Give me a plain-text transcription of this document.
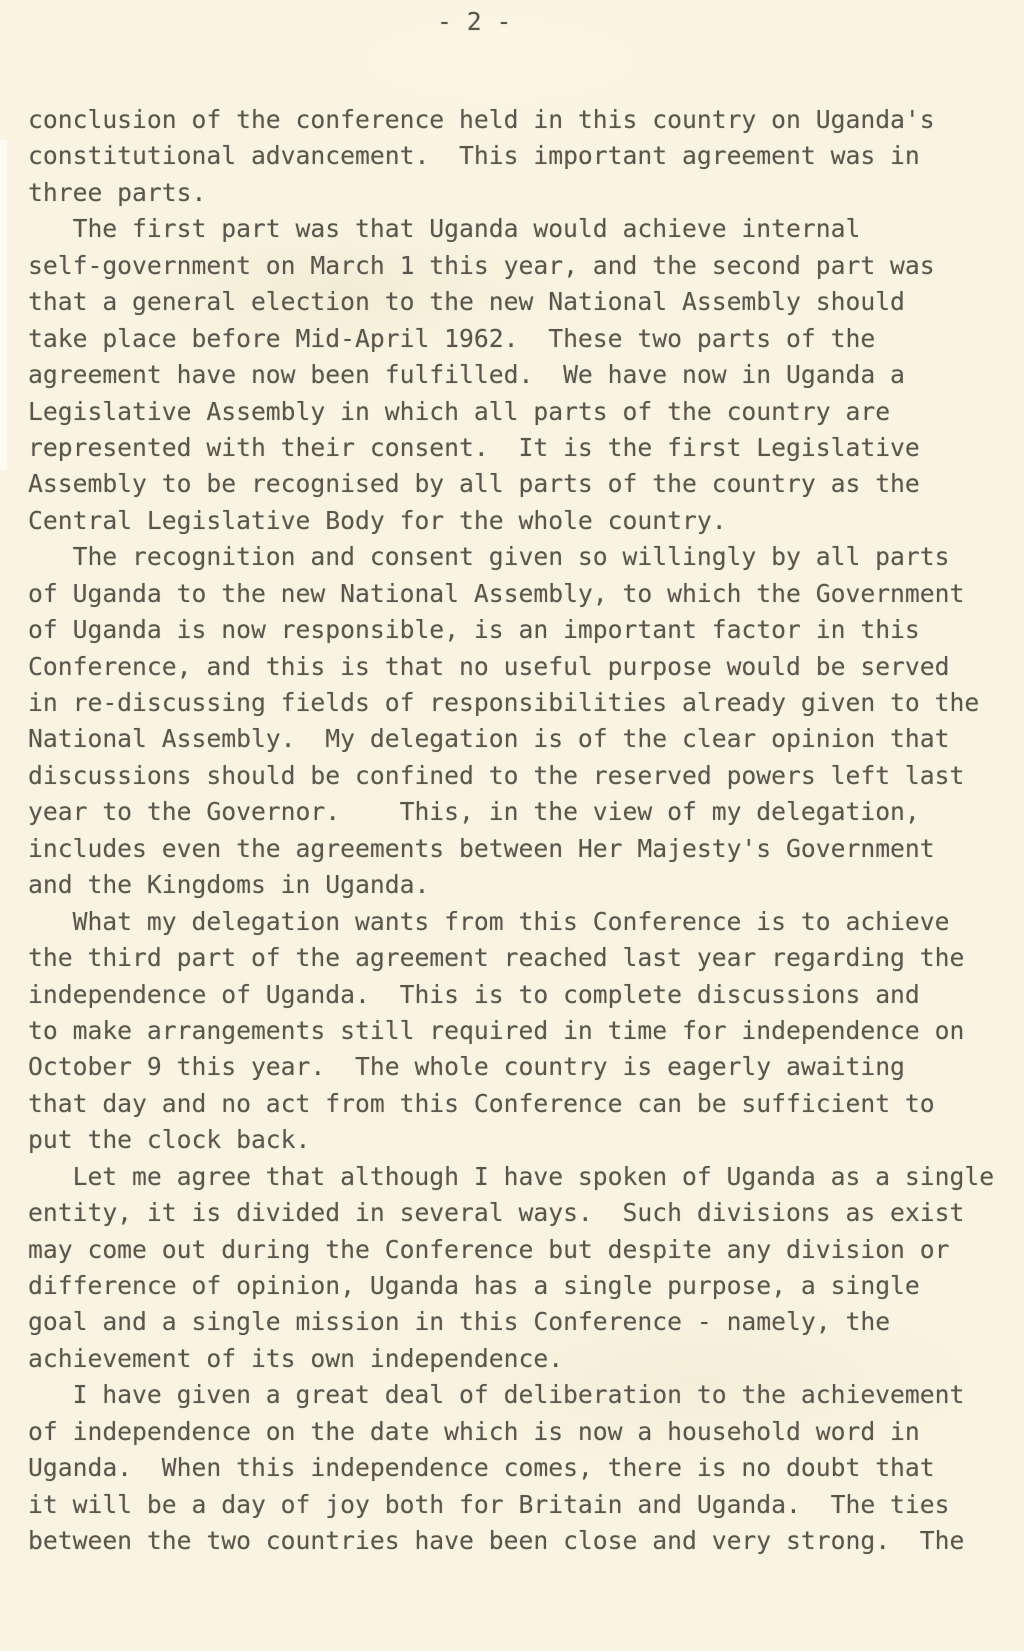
- 2 -
conclusion of the conference held in this country on Uganda's
constitutional advancement.  This important agreement was in
three parts.
The first part was that Uganda would achieve internal
self-government on March 1 this year, and the second part was
that a general election to the new National Assembly should
take place before Mid-April 1962.  These two parts of the
agreement have now been fulfilled.  We have now in Uganda a
Legislative Assembly in which all parts of the country are
represented with their consent.  It is the first Legislative
Assembly to be recognised by all parts of the country as the
Central Legislative Body for the whole country.
The recognition and consent given so willingly by all parts
of Uganda to the new National Assembly, to which the Government
of Uganda is now responsible, is an important factor in this
Conference, and this is that no useful purpose would be served
in re-discussing fields of responsibilities already given to the
National Assembly.  My delegation is of the clear opinion that
discussions should be confined to the reserved powers left last
year to the Governor.    This, in the view of my delegation,
includes even the agreements between Her Majesty's Government
and the Kingdoms in Uganda.
What my delegation wants from this Conference is to achieve
the third part of the agreement reached last year regarding the
independence of Uganda.  This is to complete discussions and
to make arrangements still required in time for independence on
October 9 this year.  The whole country is eagerly awaiting
that day and no act from this Conference can be sufficient to
put the clock back.
Let me agree that although I have spoken of Uganda as a single
entity, it is divided in several ways.  Such divisions as exist
may come out during the Conference but despite any division or
difference of opinion, Uganda has a single purpose, a single
goal and a single mission in this Conference - namely, the
achievement of its own independence.
I have given a great deal of deliberation to the achievement
of independence on the date which is now a household word in
Uganda.  When this independence comes, there is no doubt that
it will be a day of joy both for Britain and Uganda.  The ties
between the two countries have been close and very strong.  The
